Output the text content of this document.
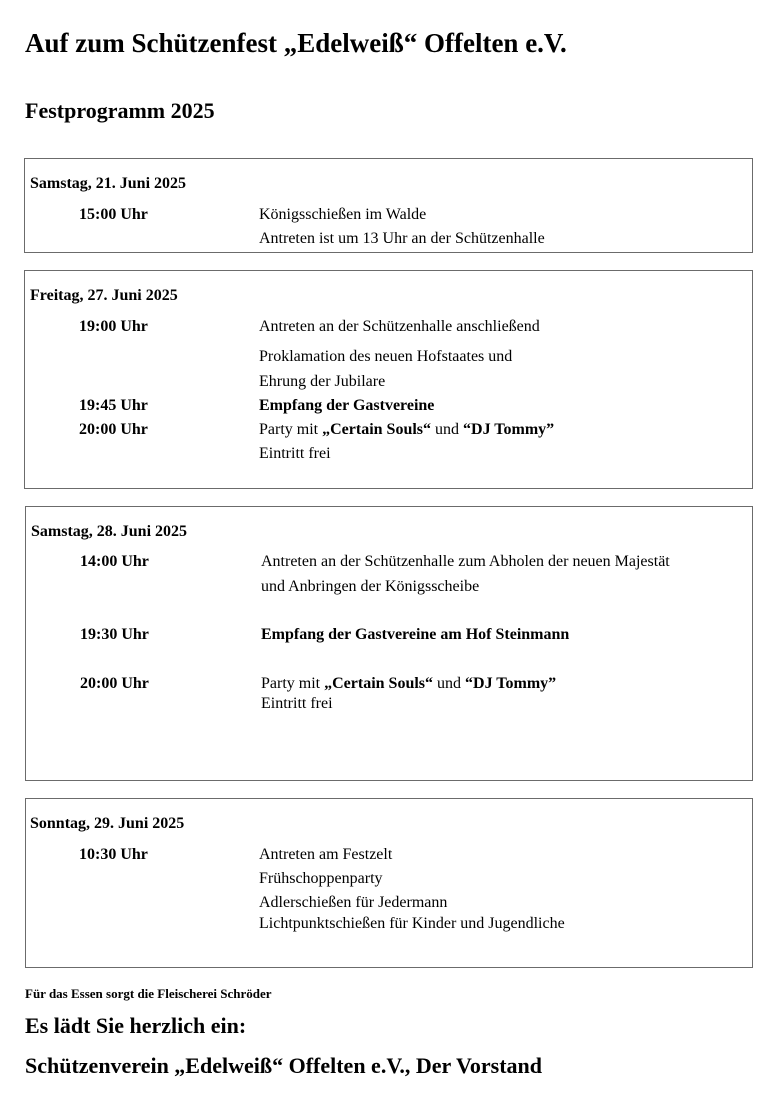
Auf zum Schützenfest „Edelweiß“ Offelten e.V.
Festprogramm 2025
Samstag, 21. Juni 2025
15:00 Uhr	Königsschießen im Walde
Antreten ist um 13 Uhr an der Schützenhalle
Freitag, 27. Juni 2025
19:00 Uhr	Antreten an der Schützenhalle anschließend
Proklamation des neuen Hofstaates und
Ehrung der Jubilare
19:45 Uhr	Empfang der Gastvereine
20:00 Uhr	Party mit „Certain Souls“ und “DJ Tommy”
Eintritt frei
Samstag, 28. Juni 2025
14:00 Uhr	Antreten an der Schützenhalle zum Abholen der neuen Majestät
und Anbringen der Königsscheibe
19:30 Uhr	Empfang der Gastvereine am Hof Steinmann
20:00 Uhr	Party mit „Certain Souls“ und “DJ Tommy”
Eintritt frei
Sonntag, 29. Juni 2025
10:30 Uhr	Antreten am Festzelt
Frühschoppenparty
Adlerschießen für Jedermann
Lichtpunktschießen für Kinder und Jugendliche
Für das Essen sorgt die Fleischerei Schröder
Es lädt Sie herzlich ein:
Schützenverein „Edelweiß“ Offelten e.V., Der Vorstand
